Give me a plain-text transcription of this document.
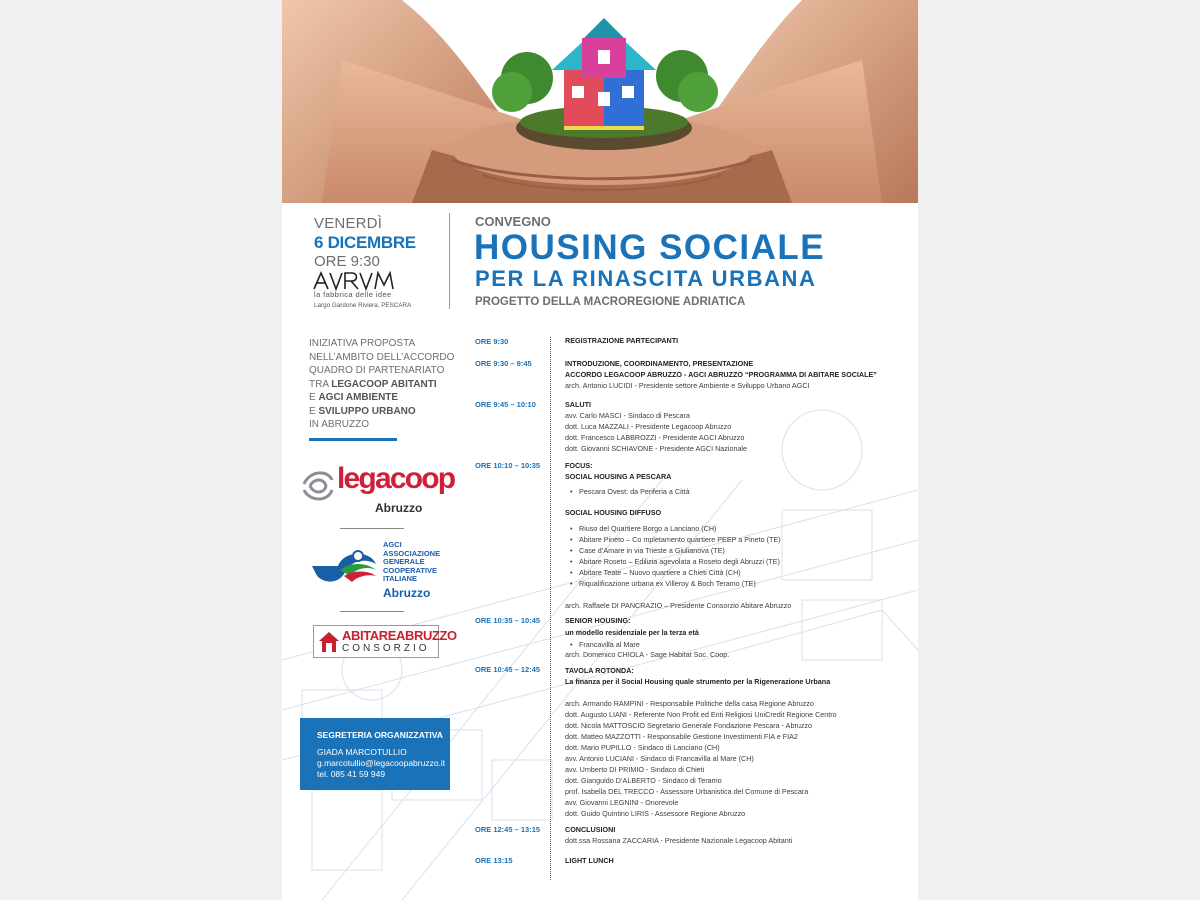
VENERDÌ
6 DICEMBRE
ORE 9:30
la fabbrica delle idee
Largo Gardone Riviera, PESCARA
CONVEGNO
HOUSING SOCIALE
PER LA RINASCITA URBANA
PROGETTO DELLA MACROREGIONE ADRIATICA
INIZIATIVA PROPOSTA
NELL’AMBITO DELL’ACCORDO
QUADRO DI PARTENARIATO
TRA LEGACOOP ABITANTI
E AGCI AMBIENTE
E SVILUPPO URBANO
IN ABRUZZO
legacoop
Abruzzo
AGCI
ASSOCIAZIONE
GENERALE
COOPERATIVE
ITALIANE
Abruzzo
ABITAREABRUZZO
CONSORZIO
SEGRETERIA ORGANIZZATIVA
GIADA MARCOTULLIO
g.marcotullio@legacoopabruzzo.it
tel. 085 41 59 949
ORE 9:30	REGISTRAZIONE PARTECIPANTI
ORE 9:30 – 9:45	INTRODUZIONE, COORDINAMENTO, PRESENTAZIONE
ACCORDO LEGACOOP ABRUZZO - AGCI ABRUZZO “PROGRAMMA DI ABITARE SOCIALE”
arch. Antonio LUCIDI - Presidente settore Ambiente e Sviluppo Urbano AGCI
ORE 9:45 – 10:10	SALUTI
avv. Carlo MASCI - Sindaco di Pescara
dott. Luca MAZZALI - Presidente Legacoop Abruzzo
dott. Francesco LABBROZZI - Presidente AGCI Abruzzo
dott. Giovanni SCHIAVONE - Presidente AGCI Nazionale
ORE 10:10 – 10:35	FOCUS:
SOCIAL HOUSING A PESCARA
• Pescara Ovest: da Periferia a Città
SOCIAL HOUSING DIFFUSO
• Riuso del Quartiere Borgo a Lanciano (CH)
• Abitare Pineto – Co mpletamento quartiere PEEP a Pineto (TE)
• Case d’Amare in via Trieste a Giulianova (TE)
• Abitare Roseto – Edilizia agevolata a Roseto degli Abruzzi (TE)
• Abitare Teate – Nuovo quartiere a Chieti Città (CH)
• Riqualificazione urbana ex Villeroy & Boch Teramo (TE)
arch. Raffaele DI PANCRAZIO – Presidente Consorzio Abitare Abruzzo
ORE 10:35 – 10:45	SENIOR HOUSING:
un modello residenziale per la terza età
• Francavilla al Mare
arch. Domenico CHIOLA - Sage Habitat Soc. Coop.
ORE 10:45 – 12:45	TAVOLA ROTONDA:
La finanza per il Social Housing quale strumento per la Rigenerazione Urbana
arch. Armando RAMPINI - Responsabile Politiche della casa Regione Abruzzo
dott. Augusto LIANI - Referente Non Profit ed Enti Religiosi UniCredit Regione Centro
dott. Nicola MATTOSCIO Segretario Generale Fondazione Pescara - Abruzzo
dott. Matteo MAZZOTTI - Responsabile Gestione Investimenti FIA e FIA2
dott. Mario PUPILLO - Sindaco di Lanciano (CH)
avv. Antonio LUCIANI - Sindaco di Francavilla al Mare (CH)
avv. Umberto DI PRIMIO - Sindaco di Chieti
dott. Gianguido D’ALBERTO - Sindaco di Teramo
prof. Isabella DEL TRECCO - Assessore Urbanistica del Comune di Pescara
avv. Giovanni LEGNINI - Onorevole
dott. Guido Quintino LIRIS - Assessore Regione Abruzzo
ORE 12:45 – 13:15	CONCLUSIONI
dott.ssa Rossana ZACCARIA - Presidente Nazionale Legacoop Abitanti
ORE 13:15	LIGHT LUNCH
